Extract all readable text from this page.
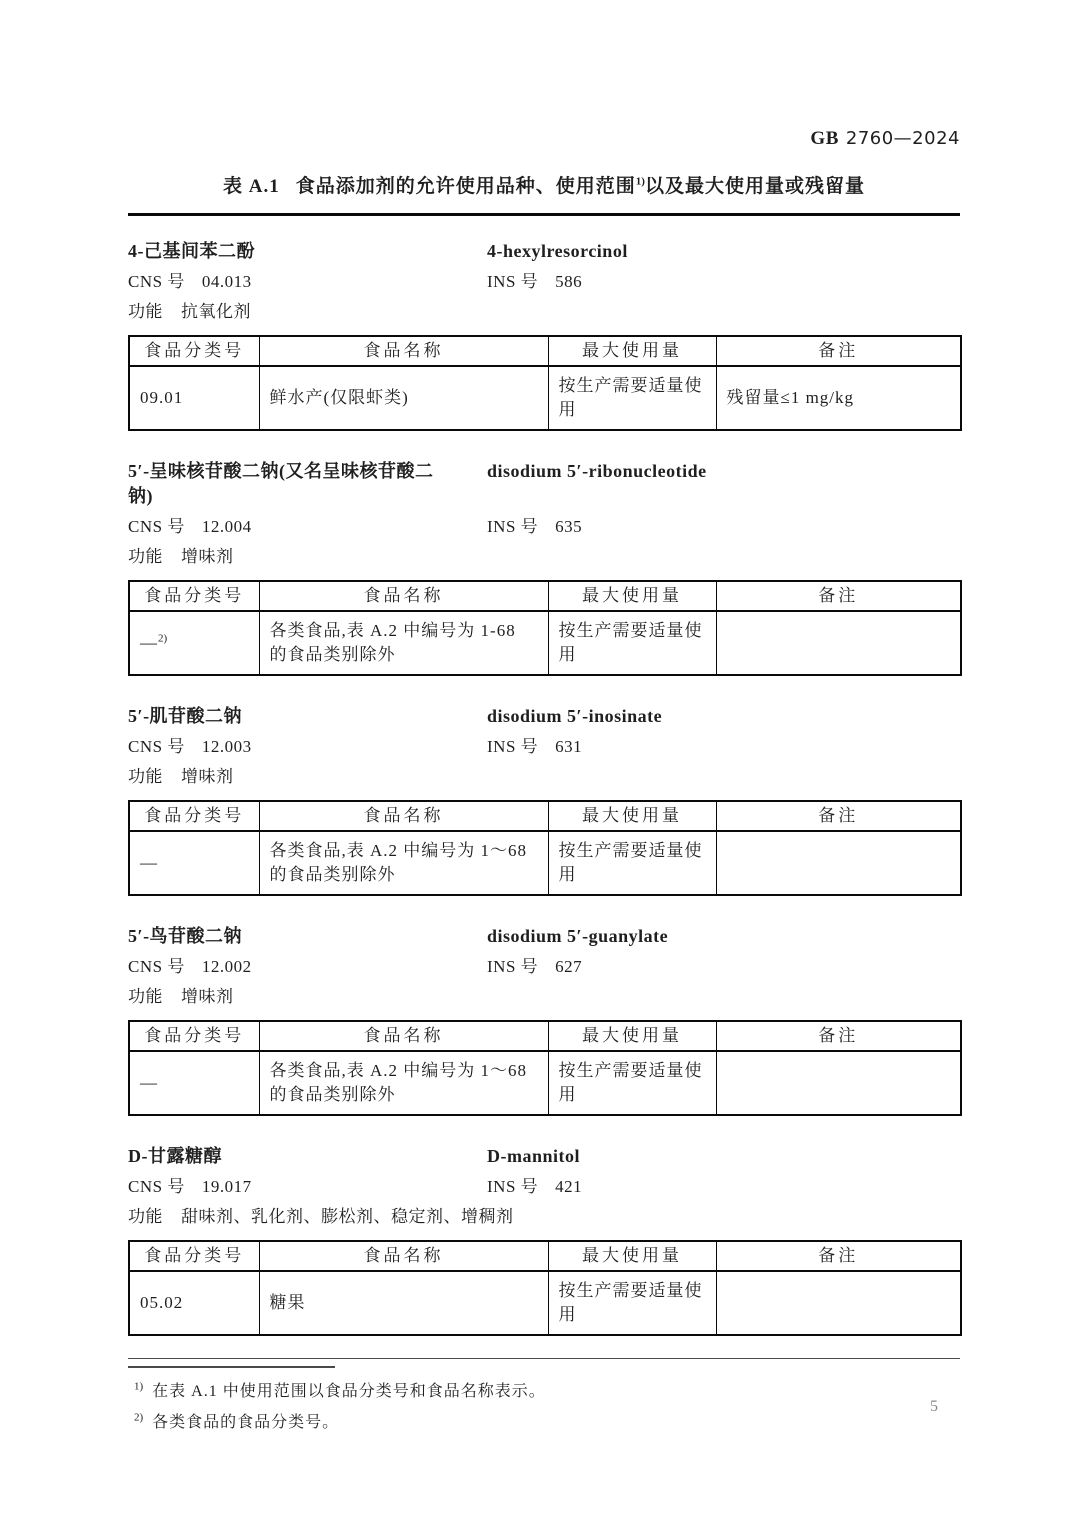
GB 2760—2024
表 A.1 食品添加剂的允许使用品种、使用范围$^{1)}$以及最大使用量或残留量
4-己基间苯二酚	4-hexylresorcinol
CNS 号 04.013	INS 号 586
功能 抗氧化剂
食品分类号	食品名称	最大使用量	备注
09.01	鲜水产(仅限虾类)	按生产需要适量使用	残留量≤1 mg/kg
5′-呈味核苷酸二钠(又名呈味核苷酸二钠)
disodium 5′-ribonucleotide
CNS 号 12.004	INS 号 635
功能 增味剂
食品分类号	食品名称	最大使用量	备注
—$^{2)}$	各类食品,表 A.2 中编号为 1-68 的食品类别除外	按生产需要适量使用	
5′-肌苷酸二钠	disodium 5′-inosinate
CNS 号 12.003	INS 号 631
功能 增味剂
食品分类号	食品名称	最大使用量	备注
—	各类食品,表 A.2 中编号为 1～68 的食品类别除外	按生产需要适量使用	
5′-鸟苷酸二钠	disodium 5′-guanylate
CNS 号 12.002	INS 号 627
功能 增味剂
食品分类号	食品名称	最大使用量	备注
—	各类食品,表 A.2 中编号为 1～68 的食品类别除外	按生产需要适量使用	
D-甘露糖醇	D-mannitol
CNS 号 19.017	INS 号 421
功能 甜味剂、乳化剂、膨松剂、稳定剂、增稠剂
食品分类号	食品名称	最大使用量	备注
05.02	糖果	按生产需要适量使用	
$^{1)}$ 在表 A.1 中使用范围以食品分类号和食品名称表示。
$^{2)}$ 各类食品的食品分类号。
5
